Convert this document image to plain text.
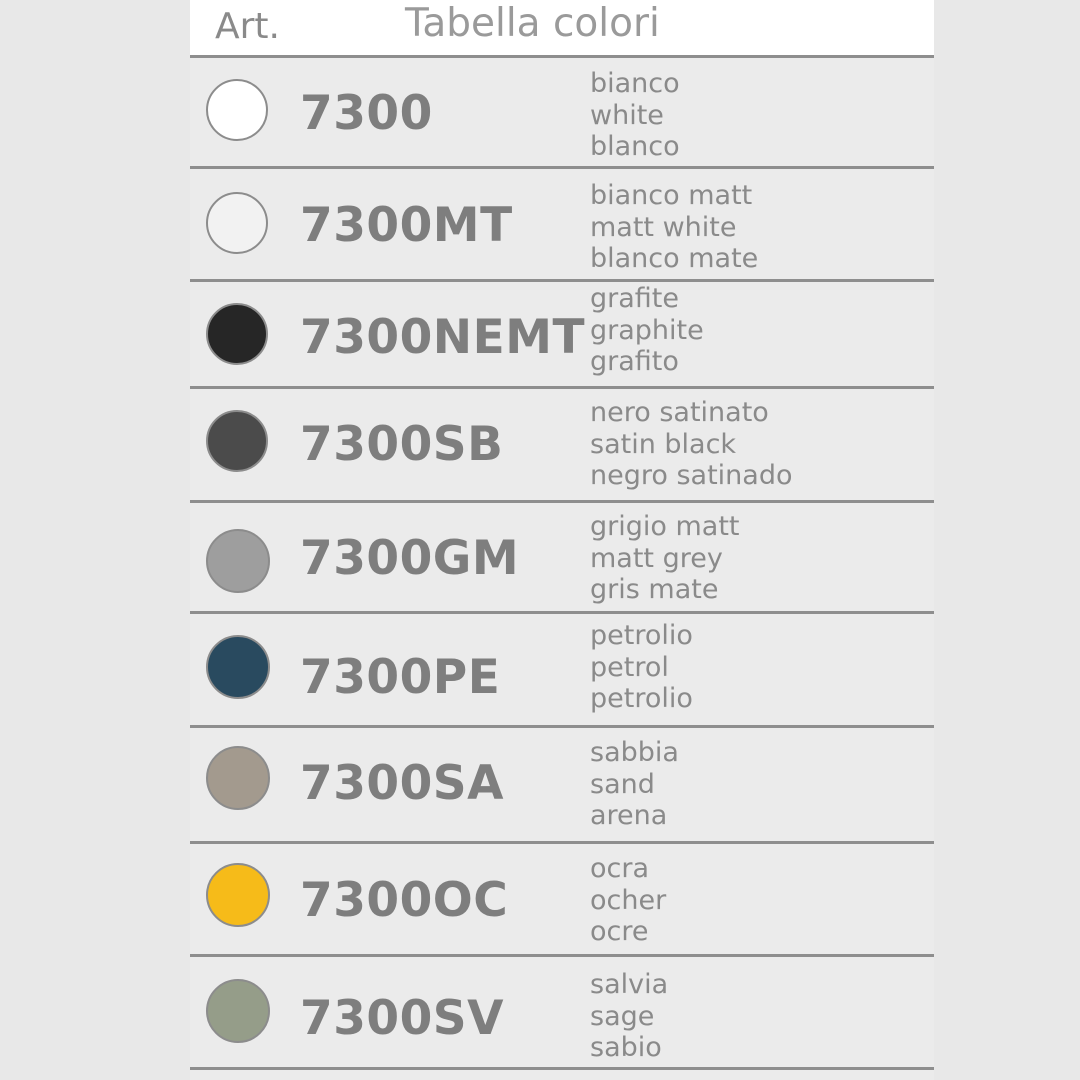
Art.	Tabella colori
7300
bianco
white
blanco
7300MT
bianco matt
matt white
blanco mate
7300NEMT
grafite
graphite
grafito
7300SB
nero satinato
satin black
negro satinado
7300GM
grigio matt
matt grey
gris mate
7300PE
petrolio
petrol
petrolio
7300SA
sabbia
sand
arena
7300OC
ocra
ocher
ocre
7300SV
salvia
sage
sabio
